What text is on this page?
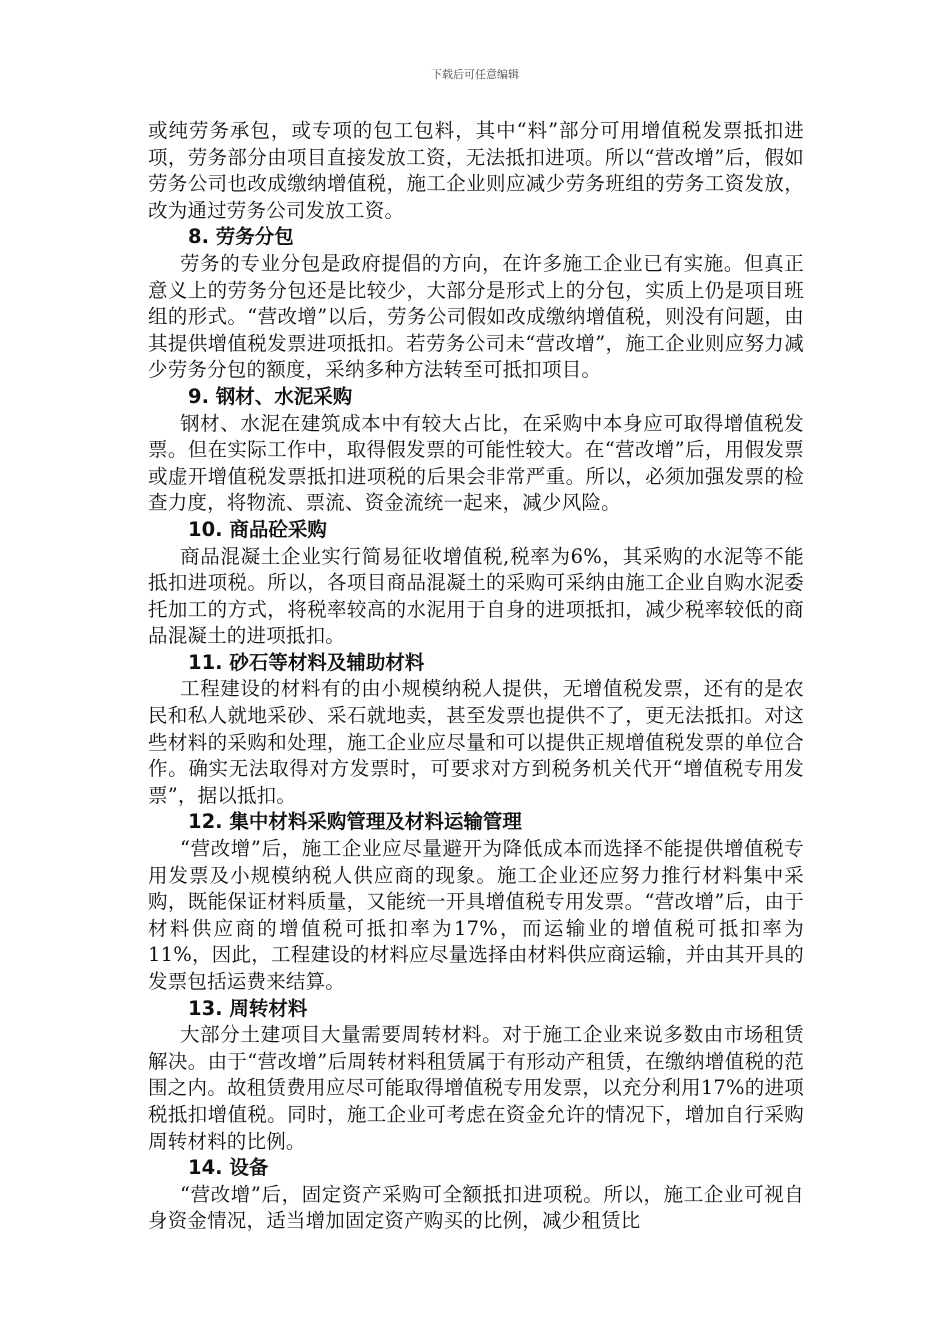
下载后可任意编辑

或纯劳务承包，或专项的包工包料，其中“料”部分可用增值税发票抵扣进项，劳务部分由项目直接发放工资，无法抵扣进项。所以“营改增”后，假如劳务公司也改成缴纳增值税，施工企业则应减少劳务班组的劳务工资发放，改为通过劳务公司发放工资。

8. 劳务分包

劳务的专业分包是政府提倡的方向，在许多施工企业已有实施。但真正意义上的劳务分包还是比较少，大部分是形式上的分包，实质上仍是项目班组的形式。“营改增”以后，劳务公司假如改成缴纳增值税，则没有问题，由其提供增值税发票进项抵扣。若劳务公司未“营改增”，施工企业则应努力减少劳务分包的额度，采纳多种方法转至可抵扣项目。

9. 钢材、水泥采购

钢材、水泥在建筑成本中有较大占比，在采购中本身应可取得增值税发票。但在实际工作中，取得假发票的可能性较大。在“营改增”后，用假发票或虚开增值税发票抵扣进项税的后果会非常严重。所以，必须加强发票的检查力度，将物流、票流、资金流统一起来，减少风险。

10. 商品砼采购

商品混凝土企业实行简易征收增值税,税率为6%，其采购的水泥等不能抵扣进项税。所以，各项目商品混凝土的采购可采纳由施工企业自购水泥委托加工的方式，将税率较高的水泥用于自身的进项抵扣，减少税率较低的商品混凝土的进项抵扣。

11. 砂石等材料及辅助材料

工程建设的材料有的由小规模纳税人提供，无增值税发票，还有的是农民和私人就地采砂、采石就地卖，甚至发票也提供不了，更无法抵扣。对这些材料的采购和处理，施工企业应尽量和可以提供正规增值税发票的单位合作。确实无法取得对方发票时，可要求对方到税务机关代开“增值税专用发票”，据以抵扣。

12. 集中材料采购管理及材料运输管理

“营改增”后，施工企业应尽量避开为降低成本而选择不能提供增值税专用发票及小规模纳税人供应商的现象。施工企业还应努力推行材料集中采购，既能保证材料质量，又能统一开具增值税专用发票。“营改增”后，由于材料供应商的增值税可抵扣率为17%，而运输业的增值税可抵扣率为11%，因此，工程建设的材料应尽量选择由材料供应商运输，并由其开具的发票包括运费来结算。

13. 周转材料

大部分土建项目大量需要周转材料。对于施工企业来说多数由市场租赁解决。由于“营改增”后周转材料租赁属于有形动产租赁，在缴纳增值税的范围之内。故租赁费用应尽可能取得增值税专用发票，以充分利用17%的进项税抵扣增值税。同时，施工企业可考虑在资金允许的情况下，增加自行采购周转材料的比例。

14. 设备

“营改增”后，固定资产采购可全额抵扣进项税。所以，施工企业可视自身资金情况，适当增加固定资产购买的比例，减少租赁比
